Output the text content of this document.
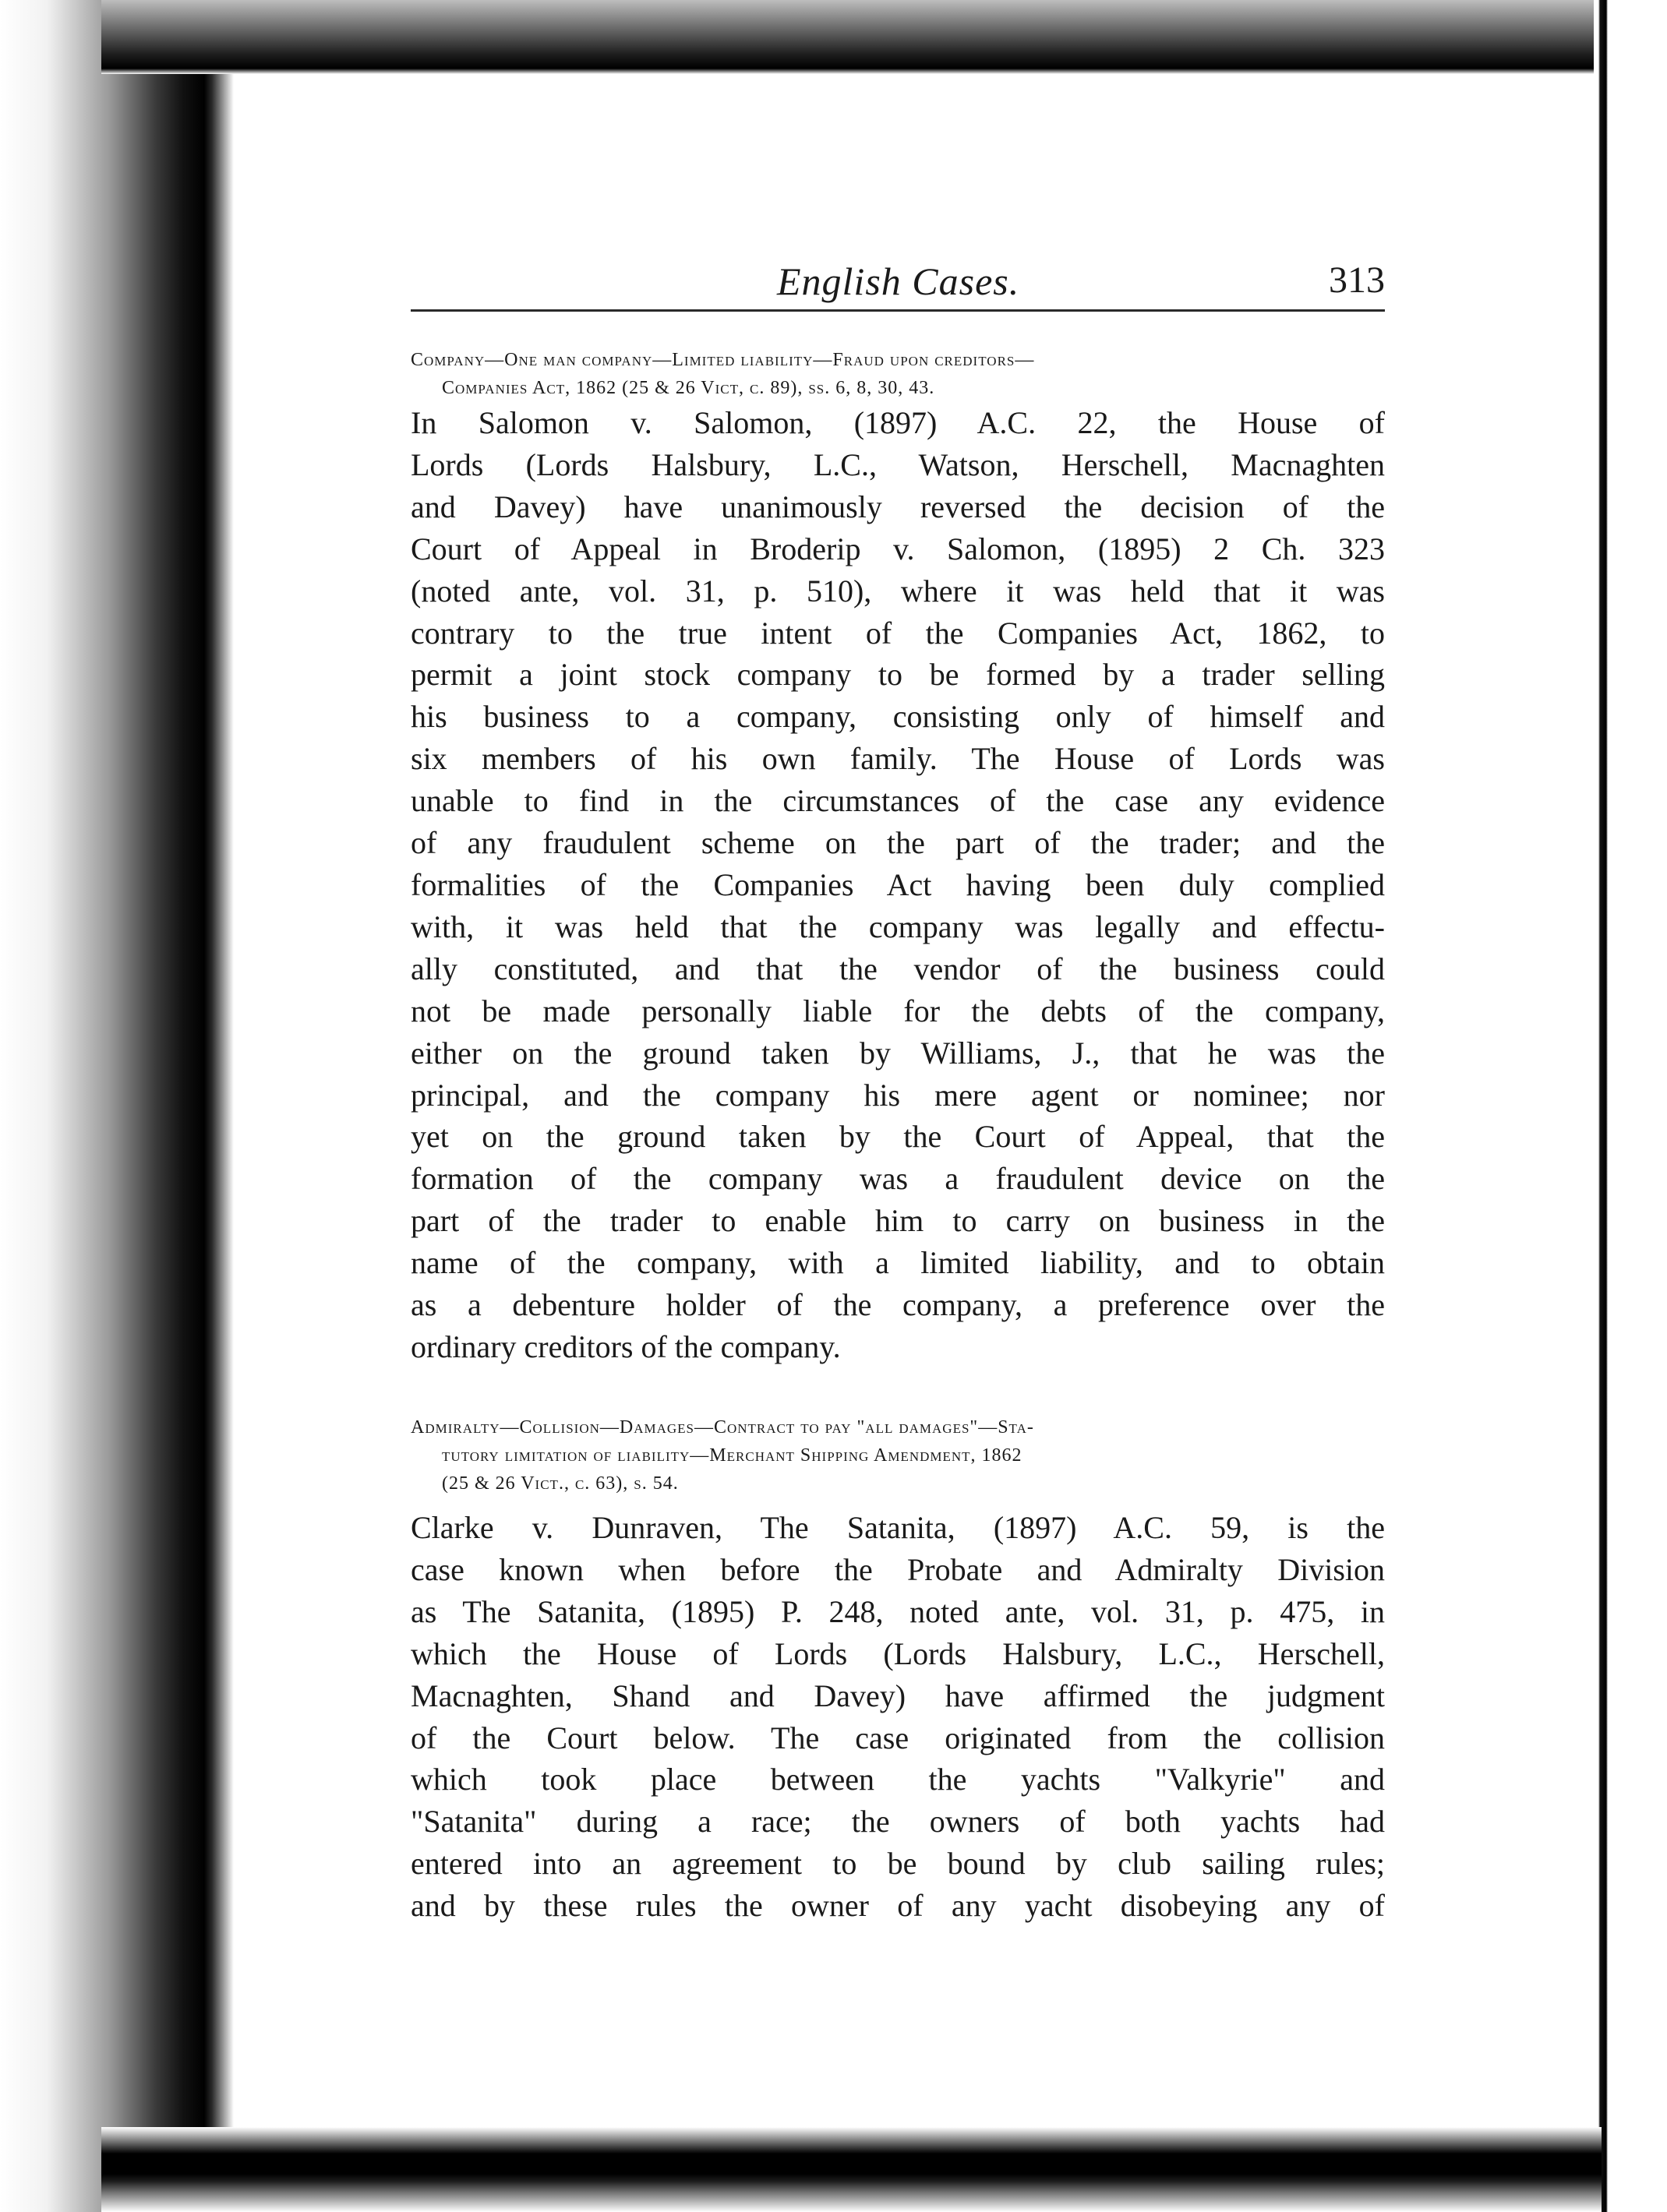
English Cases.	313
Company—One man company—Limited liability—Fraud upon creditors—
Companies Act, 1862 (25 & 26 Vict, c. 89), ss. 6, 8, 30, 43.
In Salomon v. Salomon, (1897) A.C. 22, the House of
Lords (Lords Halsbury, L.C., Watson, Herschell, Macnaghten
and Davey) have unanimously reversed the decision of the
Court of Appeal in Broderip v. Salomon, (1895) 2 Ch. 323
(noted ante, vol. 31, p. 510), where it was held that it was
contrary to the true intent of the Companies Act, 1862, to
permit a joint stock company to be formed by a trader selling
his business to a company, consisting only of himself and
six members of his own family. The House of Lords was
unable to find in the circumstances of the case any evidence
of any fraudulent scheme on the part of the trader; and the
formalities of the Companies Act having been duly complied
with, it was held that the company was legally and effectu-
ally constituted, and that the vendor of the business could
not be made personally liable for the debts of the company,
either on the ground taken by Williams, J., that he was the
principal, and the company his mere agent or nominee; nor
yet on the ground taken by the Court of Appeal, that the
formation of the company was a fraudulent device on the
part of the trader to enable him to carry on business in the
name of the company, with a limited liability, and to obtain
as a debenture holder of the company, a preference over the
ordinary creditors of the company.
Admiralty—Collision—Damages—Contract to pay "all damages"—Sta-
tutory limitation of liability—Merchant Shipping Amendment, 1862
(25 & 26 Vict., c. 63), s. 54.
Clarke v. Dunraven, The Satanita, (1897) A.C. 59, is the
case known when before the Probate and Admiralty Division
as The Satanita, (1895) P. 248, noted ante, vol. 31, p. 475, in
which the House of Lords (Lords Halsbury, L.C., Herschell,
Macnaghten, Shand and Davey) have affirmed the judgment
of the Court below. The case originated from the collision
which took place between the yachts "Valkyrie" and
"Satanita" during a race; the owners of both yachts had
entered into an agreement to be bound by club sailing rules;
and by these rules the owner of any yacht disobeying any of
